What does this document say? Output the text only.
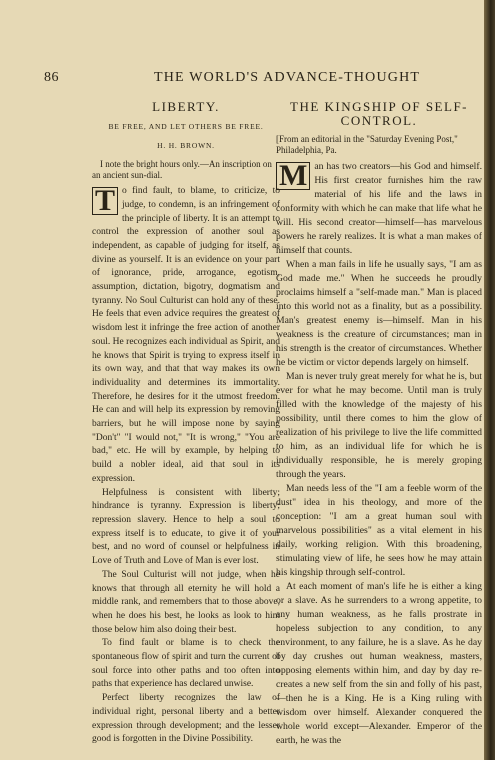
86	THE WORLD'S ADVANCE-THOUGHT
LIBERTY.
BE FREE, AND LET OTHERS BE FREE.
H. H. BROWN.
I note the bright hours only.—An inscription on an ancient sun-dial.

T o find fault, to blame, to criticize, to judge, to condemn, is an infringement of the principle of liberty. It is an attempt to control the expression of another soul as independent, as capable of judging for itself, as divine as yourself. It is an evidence on your part of ignorance, pride, arrogance, egotism, assumption, dictation, bigotry, dogmatism and tyranny. No Soul Culturist can hold any of these. He feels that even advice requires the greatest of wisdom lest it infringe the free action of another soul. He recognizes each individual as Spirit, and he knows that Spirit is trying to express itself in its own way, and that that way makes its own individuality and determines its immortality. Therefore, he desires for it the utmost freedom. He can and will help its expression by removing barriers, but he will impose none by saying "Don't" "I would not," "It is wrong," "You are bad," etc. He will by example, by helping to build a nobler ideal, aid that soul in its expression.

Helpfulness is consistent with liberty; hindrance is tyranny. Expression is liberty; repression slavery. Hence to help a soul to express itself is to educate, to give it of your best, and no word of counsel or helpfulness in Love of Truth and Love of Man is ever lost.

The Soul Culturist will not judge, when he knows that through all eternity he will hold a middle rank, and remembers that to those above, when he does his best, he looks as look to him those below him also doing their best.

To find fault or blame is to check the spontaneous flow of spirit and turn the current of soul force into other paths and too often into paths that experience has declared unwise.

Perfect liberty recognizes the law of individual right, personal liberty and a better expression through development; and the lesser good is forgotten in the Divine Possibility.

THE KINGSHIP OF SELF-CONTROL.
[From an editorial in the "Saturday Evening Post," Philadelphia, Pa.

M an has two creators—his God and himself. His first creator furnishes him the raw material of his life and the laws in conformity with which he can make that life what he will. His second creator—himself—has marvelous powers he rarely realizes. It is what a man makes of himself that counts.

When a man fails in life he usually says, "I am as God made me." When he succeeds he proudly proclaims himself a "self-made man." Man is placed into this world not as a finality, but as a possibility. Man's greatest enemy is—himself. Man in his weakness is the creature of circumstances; man in his strength is the creator of circumstances. Whether he be victim or victor depends largely on himself.

Man is never truly great merely for what he is, but ever for what he may become. Until man is truly filled with the knowledge of the majesty of his possibility, until there comes to him the glow of realization of his privilege to live the life committed to him, as an individual life for which he is individually responsible, he is merely groping through the years.

Man needs less of the "I am a feeble worm of the dust" idea in his theology, and more of the conception: "I am a great human soul with marvelous possibilities" as a vital element in his daily, working religion. With this broadening, stimulating view of life, he sees how he may attain his kingship through self-control.

At each moment of man's life he is either a king or a slave. As he surrenders to a wrong appetite, to any human weakness, as he falls prostrate in hopeless subjection to any condition, to any environment, to any failure, he is a slave. As he day by day crushes out human weakness, masters, opposing elements within him, and day by day re-creates a new self from the sin and folly of his past,—then he is a King. He is a King ruling with wisdom over himself. Alexander conquered the whole world except—Alexander. Emperor of the earth, he was the
